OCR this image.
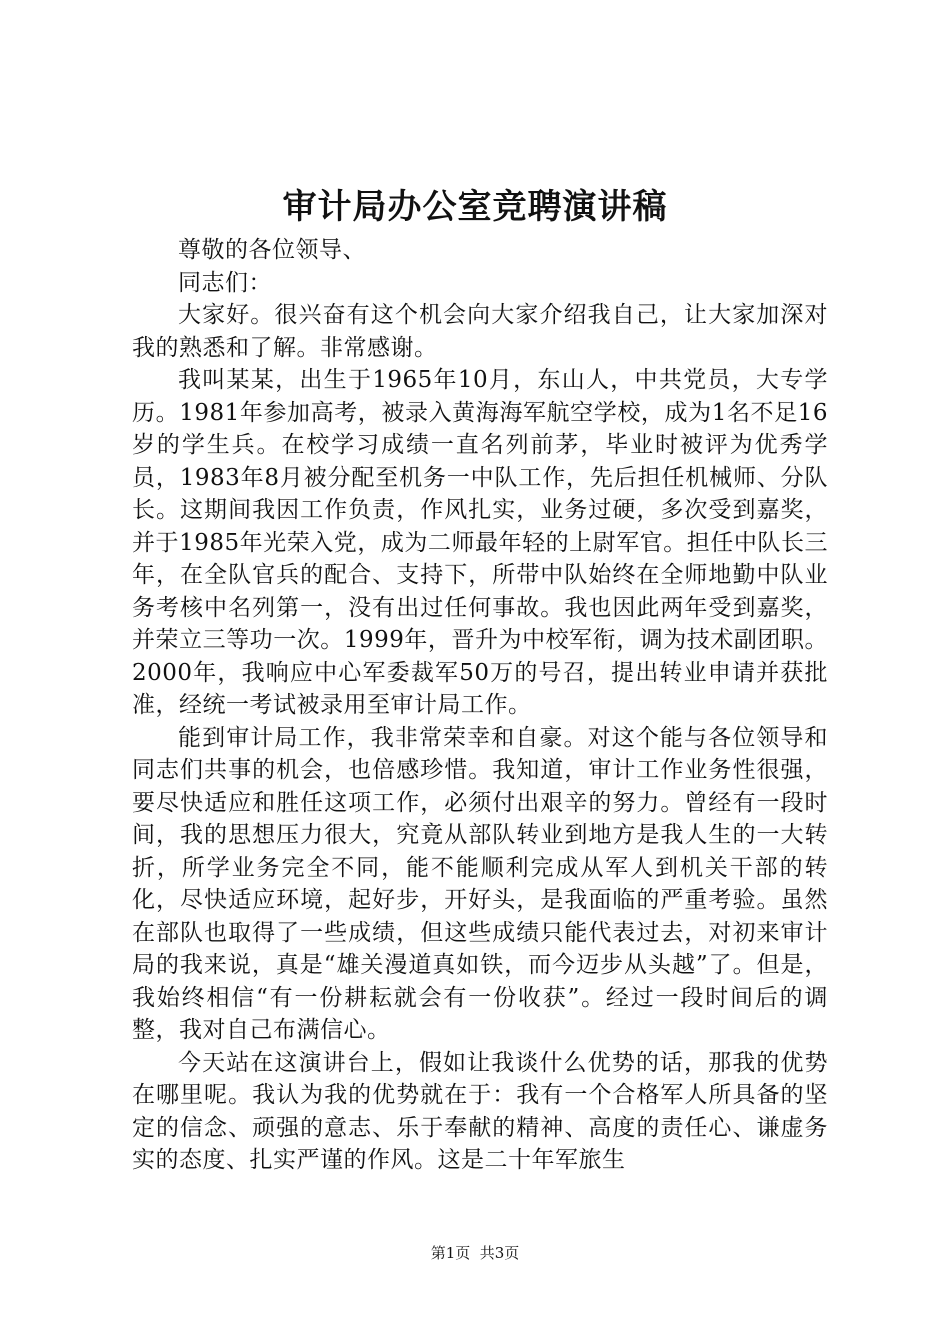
审计局办公室竞聘演讲稿

尊敬的各位领导、

同志们：

大家好。很兴奋有这个机会向大家介绍我自己，让大家加深对我的熟悉和了解。非常感谢。

我叫某某，出生于1965年10月，东山人，中共党员，大专学历。1981年参加高考，被录入黄海海军航空学校，成为1名不足16岁的学生兵。在校学习成绩一直名列前茅，毕业时被评为优秀学员，1983年8月被分配至机务一中队工作，先后担任机械师、分队长。这期间我因工作负责，作风扎实，业务过硬，多次受到嘉奖，并于1985年光荣入党，成为二师最年轻的上尉军官。担任中队长三年，在全队官兵的配合、支持下，所带中队始终在全师地勤中队业务考核中名列第一，没有出过任何事故。我也因此两年受到嘉奖，并荣立三等功一次。1999年，晋升为中校军衔，调为技术副团职。2000年，我响应中心军委裁军50万的号召，提出转业申请并获批准，经统一考试被录用至审计局工作。

能到审计局工作，我非常荣幸和自豪。对这个能与各位领导和同志们共事的机会，也倍感珍惜。我知道，审计工作业务性很强，要尽快适应和胜任这项工作，必须付出艰辛的努力。曾经有一段时间，我的思想压力很大，究竟从部队转业到地方是我人生的一大转折，所学业务完全不同，能不能顺利完成从军人到机关干部的转化，尽快适应环境，起好步，开好头，是我面临的严重考验。虽然在部队也取得了一些成绩，但这些成绩只能代表过去，对初来审计局的我来说，真是“雄关漫道真如铁，而今迈步从头越”了。但是，我始终相信“有一份耕耘就会有一份收获”。经过一段时间后的调整，我对自己布满信心。

今天站在这演讲台上，假如让我谈什么优势的话，那我的优势在哪里呢。我认为我的优势就在于：我有一个合格军人所具备的坚定的信念、顽强的意志、乐于奉献的精神、高度的责任心、谦虚务实的态度、扎实严谨的作风。这是二十年军旅生

第1页  共3页
